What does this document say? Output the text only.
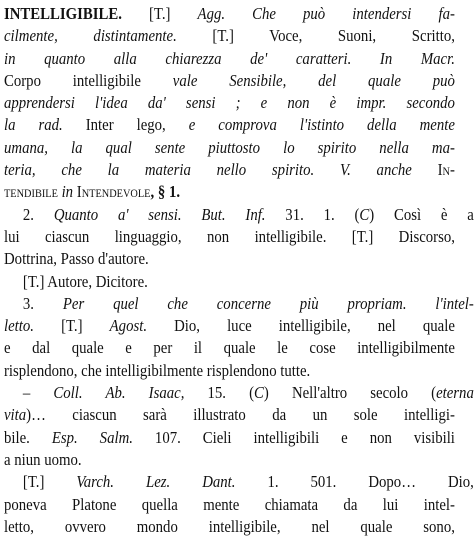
INTELLIGIBILE. [T.] Agg. Che può intendersi fa-
cilmente, distintamente. [T.] Voce, Suoni, Scritto,
in quanto alla chiarezza de' caratteri. In Macr.
Corpo intelligibile vale Sensibile, del quale può
apprendersi l'idea da' sensi ; e non è impr. secondo
la rad. Inter lego, e comprova l'istinto della mente
umana, la qual sente piuttosto lo spirito nella ma-
teria, che la materia nello spirito. V. anche In-
tendibile in Intendevole, § 1.
2. Quanto a' sensi. But. Inf. 31. 1. (C) Così è a
lui ciascun linguaggio, non intelligibile. [T.] Discorso,
Dottrina, Passo d'autore.
[T.] Autore, Dicitore.
3. Per quel che concerne più propriam. l'intel-
letto. [T.] Agost. Dio, luce intelligibile, nel quale
e dal quale e per il quale le cose intelligibilmente
risplendono, che intelligibilmente risplendono tutte.
– Coll. Ab. Isaac, 15. (C) Nell'altro secolo (eterna
vita)… ciascun sarà illustrato da un sole intelligi-
bile. Esp. Salm. 107. Cieli intelligibili e non visibili
a niun uomo.
[T.] Varch. Lez. Dant. 1. 501. Dopo… Dio,
poneva Platone quella mente chiamata da lui intel-
letto, ovvero mondo intelligibile, nel quale sono,
